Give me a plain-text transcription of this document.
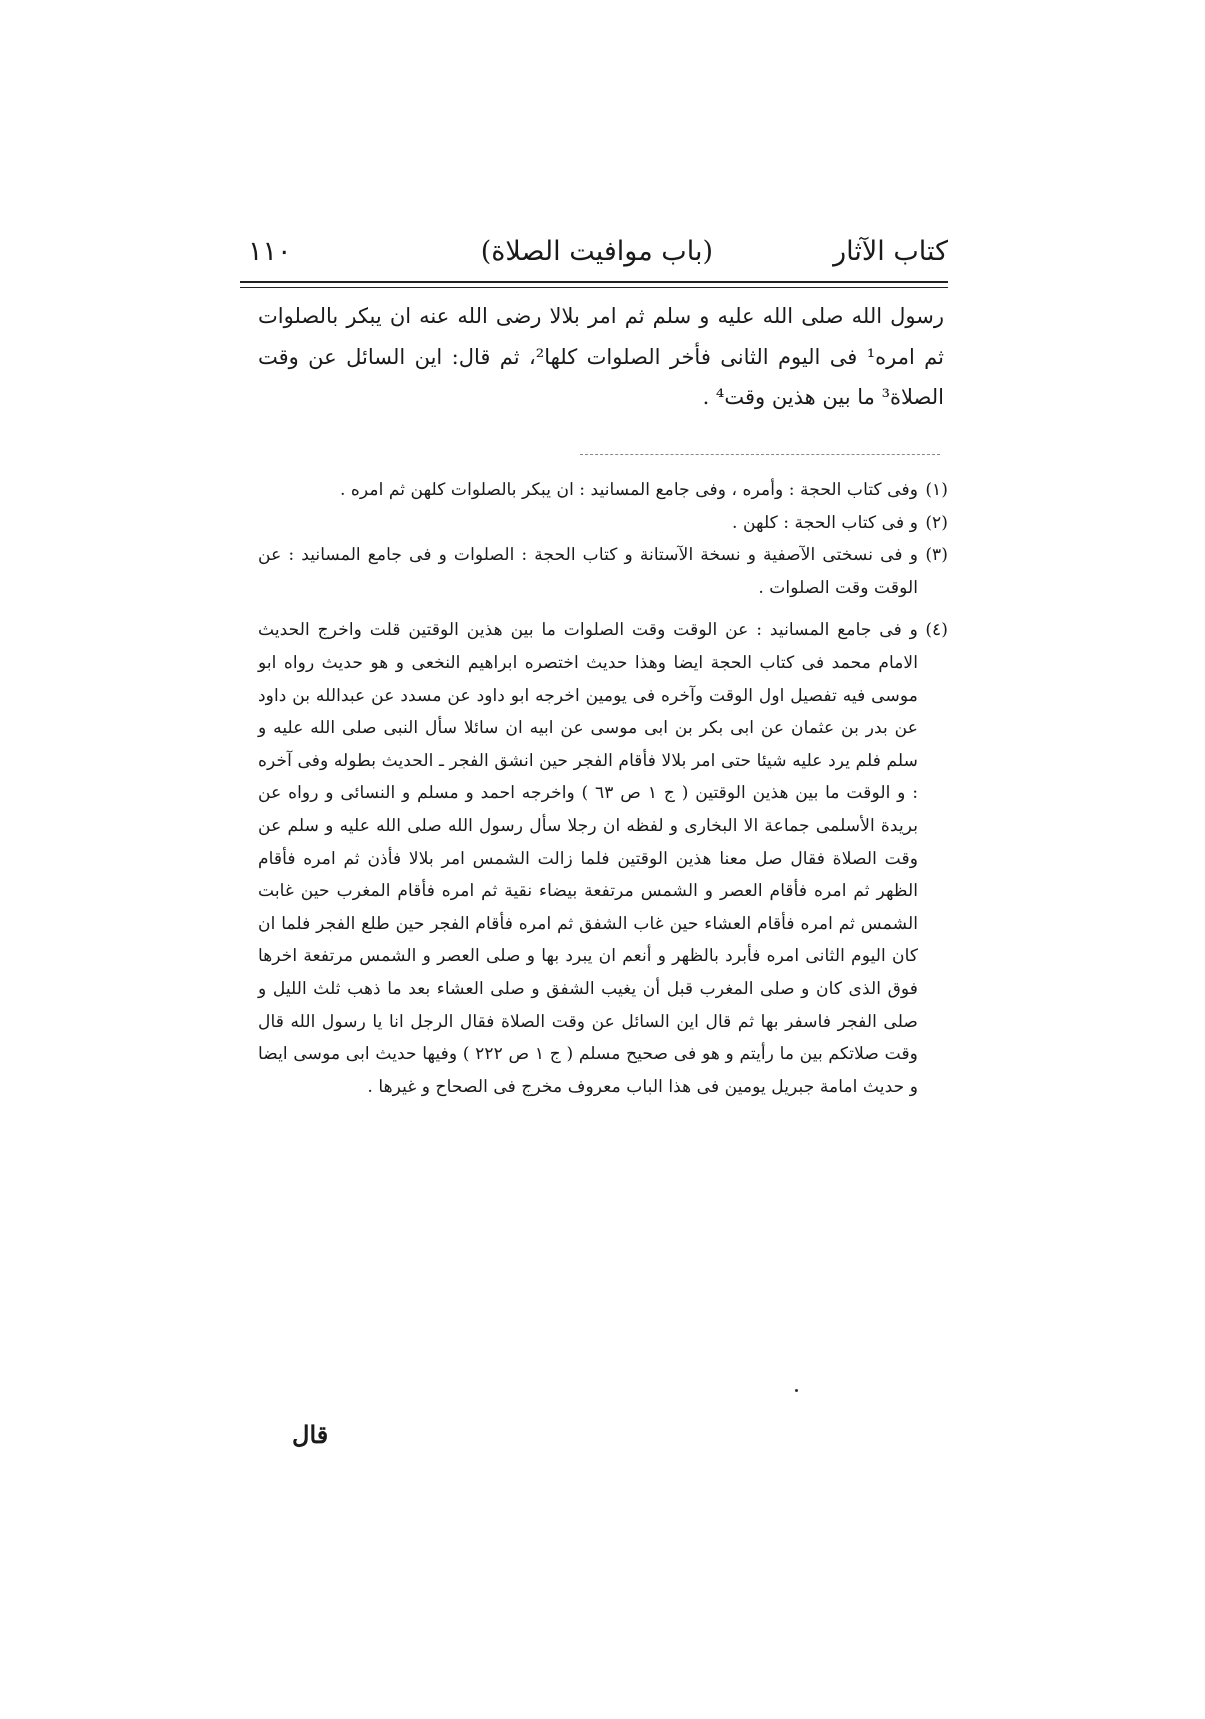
كتاب الآثار
(باب موافيت الصلاة)
١١٠

رسول الله صلى الله عليه و سلم ثم امر بلالا رضى الله عنه ان يبكر بالصلوات ثم امره¹ فى اليوم الثانى فأخر الصلوات كلها²، ثم قال: اين السائل عن وقت الصلاة³ ما بين هذين وقت⁴ .

(١)
وفى كتاب الحجة : وأمره ، وفى جامع المسانيد : ان يبكر بالصلوات كلهن ثم امره .

(٢)
و فى كتاب الحجة : كلهن .

(٣)
و فى نسختى الآصفية و نسخة الآستانة و كتاب الحجة : الصلوات و فى جامع المسانيد : عن الوقت وقت الصلوات .

(٤)
و فى جامع المسانيد : عن الوقت وقت الصلوات ما بين هذين الوقتين قلت واخرج الحديث الامام محمد فى كتاب الحجة ايضا وهذا حديث اختصره ابراهيم النخعى و هو حديث رواه ابو موسى فيه تفصيل اول الوقت وآخره فى يومين اخرجه ابو داود عن مسدد عن عبدالله بن داود عن بدر بن عثمان عن ابى بكر بن ابى موسى عن ابيه ان سائلا سأل النبى صلى الله عليه و سلم فلم يرد عليه شيئا حتى امر بلالا فأقام الفجر حين انشق الفجر ـ الحديث بطوله وفى آخره : و الوقت ما بين هذين الوقتين ( ج ١ ص ٦٣ ) واخرجه احمد و مسلم و النسائى و رواه عن بريدة الأسلمى جماعة الا البخارى و لفظه ان رجلا سأل رسول الله صلى الله عليه و سلم عن وقت الصلاة فقال صل معنا هذين الوقتين فلما زالت الشمس امر بلالا فأذن ثم امره فأقام الظهر ثم امره فأقام العصر و الشمس مرتفعة بيضاء نقية ثم امره فأقام المغرب حين غابت الشمس ثم امره فأقام العشاء حين غاب الشفق ثم امره فأقام الفجر حين طلع الفجر فلما ان كان اليوم الثانى امره فأبرد بالظهر و أنعم ان يبرد بها و صلى العصر و الشمس مرتفعة اخرها فوق الذى كان و صلى المغرب قبل أن يغيب الشفق و صلى العشاء بعد ما ذهب ثلث الليل و صلى الفجر فاسفر بها ثم قال اين السائل عن وقت الصلاة فقال الرجل انا يا رسول الله قال وقت صلاتكم بين ما رأيتم و هو فى صحيح مسلم ( ج ١ ص ٢٢٢ ) وفيها حديث ابى موسى ايضا و حديث امامة جبريل يومين فى هذا الباب معروف مخرج فى الصحاح و غيرها .

قال
